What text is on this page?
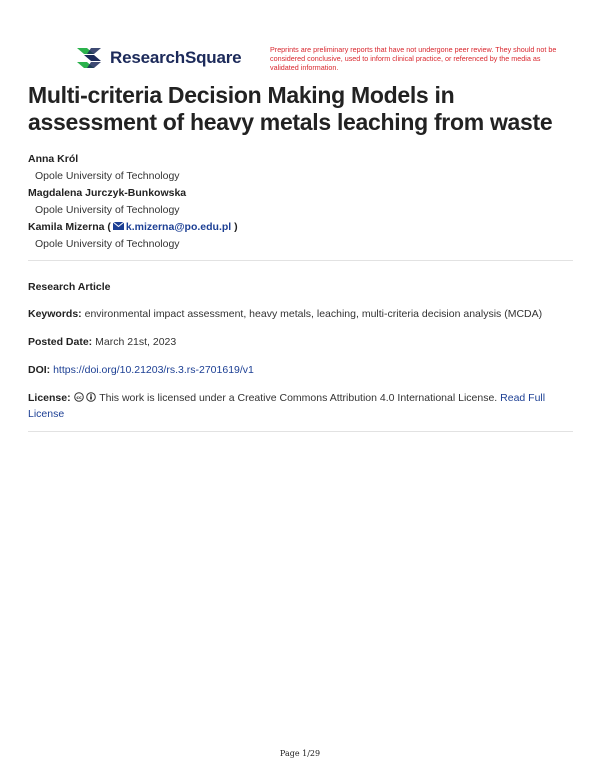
ResearchSquare	Preprints are preliminary reports that have not undergone peer review. They should not be considered conclusive, used to inform clinical practice, or referenced by the media as validated information.
Multi-criteria Decision Making Models in assessment of heavy metals leaching from waste
Anna Król
Opole University of Technology
Magdalena Jurczyk-Bunkowska
Opole University of Technology
Kamila Mizerna ( k.mizerna@po.edu.pl )
Opole University of Technology
Research Article
Keywords: environmental impact assessment, heavy metals, leaching, multi-criteria decision analysis (MCDA)
Posted Date: March 21st, 2023
DOI: https://doi.org/10.21203/rs.3.rs-2701619/v1
License: cc This work is licensed under a Creative Commons Attribution 4.0 International License. Read Full License
Page 1/29
